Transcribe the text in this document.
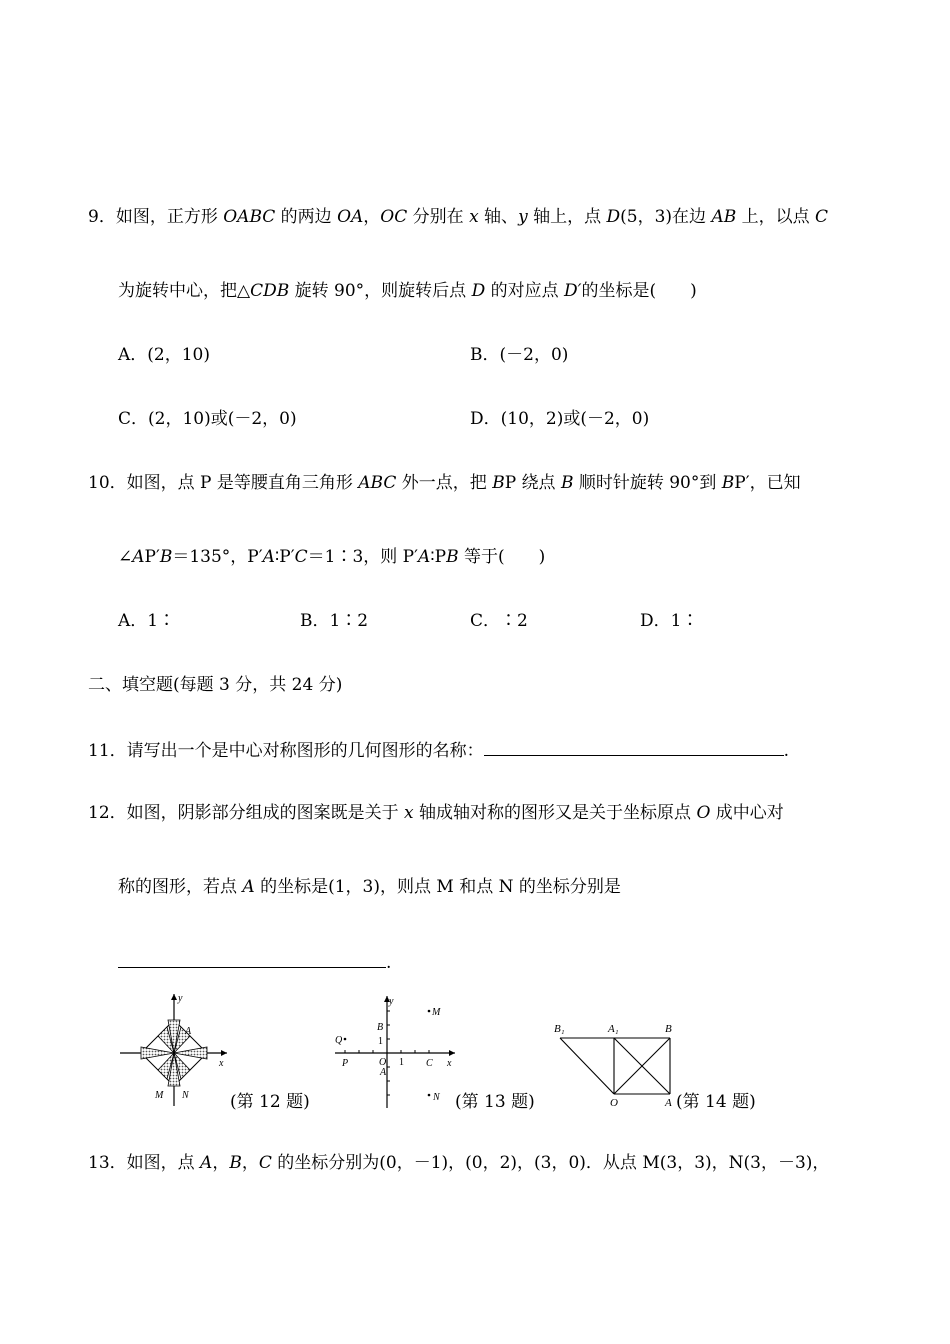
9．如图，正方形 OABC 的两边 OA，OC 分别在 x 轴、y 轴上，点 D(5，3)在边 AB 上，以点 C
为旋转中心，把△CDB 旋转 90°，则旋转后点 D 的对应点 D′的坐标是(　　)
A．(2，10)	B．(－2，0)
C．(2，10)或(－2，0)	D．(10，2)或(－2，0)
10．如图，点 P 是等腰直角三角形 ABC 外一点，把 BP 绕点 B 顺时针旋转 90°到 BP′，已知
∠AP′B＝135°，P′A∶P′C＝1∶3，则 P′A∶PB 等于(　　)
A．1∶	B．1∶2	C．∶2	D．1∶
二、填空题(每题 3 分，共 24 分)
11．请写出一个是中心对称图形的几何图形的名称：	.
12．如图，阴影部分组成的图案既是关于 x 轴成轴对称的图形又是关于坐标原点 O 成中心对
称的图形，若点 A 的坐标是(1，3)，则点 M 和点 N 的坐标分别是
.
y
x
A
M N (第 12 题)
y
x
M
B
1
Q
P	O 1 C
A
N (第 13 题)
B₁	A₁	B
O	A (第 14 题)
13．如图，点 A，B，C 的坐标分别为(0，－1)，(0，2)，(3，0)．从点 M(3，3)，N(3，－3)，
